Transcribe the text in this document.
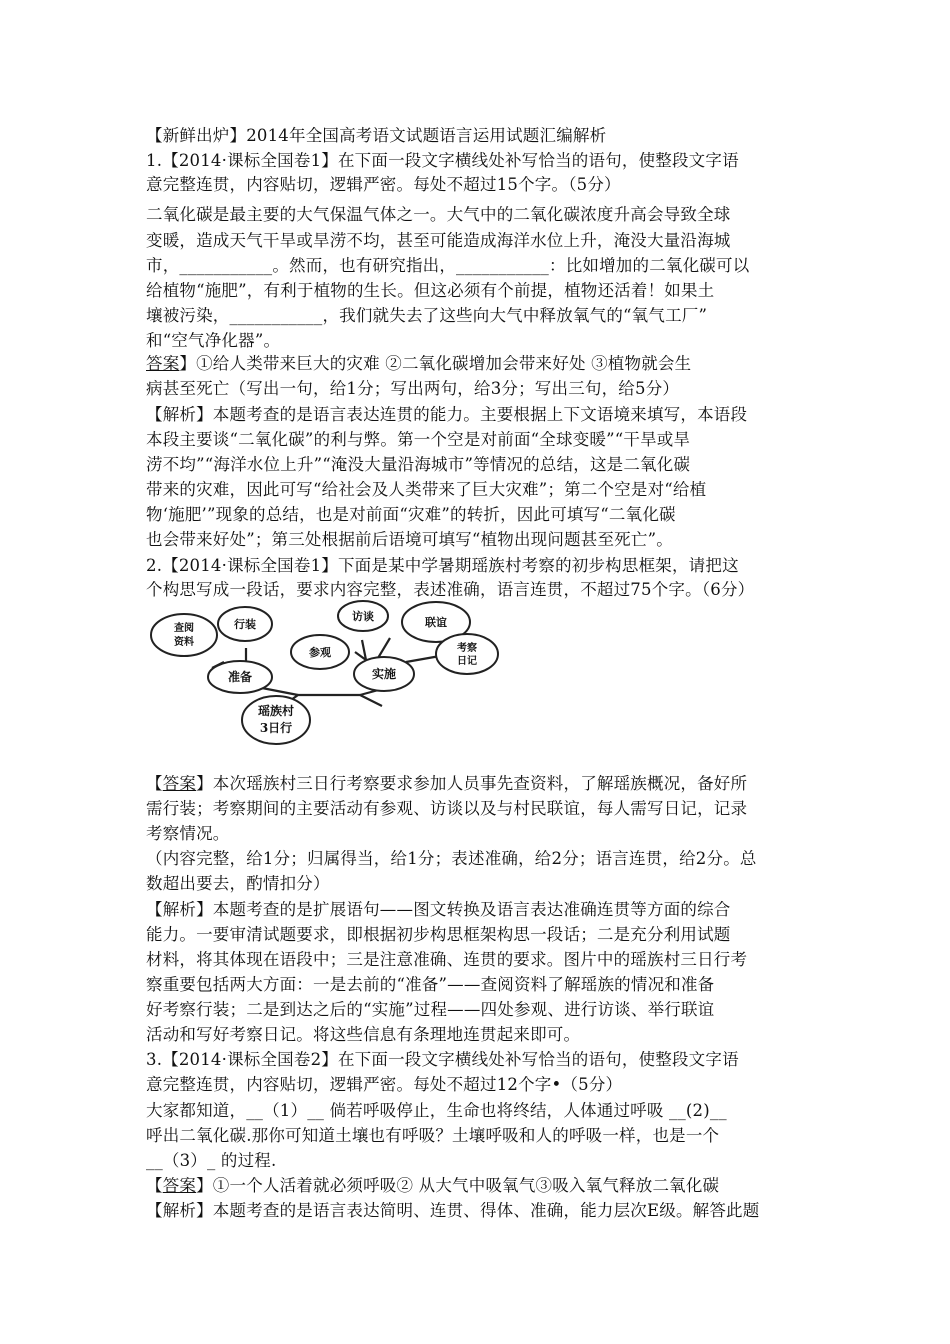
【新鲜出炉】2014年全国高考语文试题语言运用试题汇编解析
1.【2014·课标全国卷1】在下面一段文字横线处补写恰当的语句，使整段文字语
意完整连贯，内容贴切，逻辑严密。每处不超过15个字。（5分）
二氧化碳是最主要的大气保温气体之一。大气中的二氧化碳浓度升高会导致全球
变暖，造成天气干旱或旱涝不均，甚至可能造成海洋水位上升，淹没大量沿海城
市，___________。然而，也有研究指出，___________：比如增加的二氧化碳可以
给植物“施肥”，有利于植物的生长。但这必须有个前提，植物还活着！如果土
壤被污染，___________，我们就失去了这些向大气中释放氧气的“氧气工厂”
和“空气净化器”。
答案】①给人类带来巨大的灾难 ②二氧化碳增加会带来好处 ③植物就会生
病甚至死亡（写出一句，给1分；写出两句，给3分；写出三句，给5分）
【解析】本题考查的是语言表达连贯的能力。主要根据上下文语境来填写，本语段
本段主要谈“二氧化碳”的利与弊。第一个空是对前面“全球变暖”“干旱或旱
涝不均”“海洋水位上升”“淹没大量沿海城市”等情况的总结，这是二氧化碳
带来的灾难，因此可写“给社会及人类带来了巨大灾难”；第二个空是对“给植
物‘施肥’”现象的总结，也是对前面“灾难”的转折，因此可填写“二氧化碳
也会带来好处”；第三处根据前后语境可填写“植物出现问题甚至死亡”。
2.【2014·课标全国卷1】下面是某中学暑期瑶族村考察的初步构思框架，请把这
个构思写成一段话，要求内容完整，表述准确，语言连贯，不超过75个字。（6分）
瑶族村
3日行
准备
查阅
资料
行装
实施
参观
访谈	联谊
考察
日记
【答案】本次瑶族村三日行考察要求参加人员事先查资料，了解瑶族概况，备好所
需行装；考察期间的主要活动有参观、访谈以及与村民联谊，每人需写日记，记录
考察情况。
（内容完整，给1分；归属得当，给1分；表述准确，给2分；语言连贯，给2分。总
数超出要去，酌情扣分）
【解析】本题考查的是扩展语句——图文转换及语言表达准确连贯等方面的综合
能力。一要审清试题要求，即根据初步构思框架构思一段话；二是充分利用试题
材料，将其体现在语段中；三是注意准确、连贯的要求。图片中的瑶族村三日行考
察重要包括两大方面：一是去前的“准备”——查阅资料了解瑶族的情况和准备
好考察行装；二是到达之后的“实施”过程——四处参观、进行访谈、举行联谊
活动和写好考察日记。将这些信息有条理地连贯起来即可。
3.【2014·课标全国卷2】在下面一段文字横线处补写恰当的语句，使整段文字语
意完整连贯，内容贴切，逻辑严密。每处不超过12个字•（5分）
大家都知道，__（1）__ 倘若呼吸停止，生命也将终结，人体通过呼吸 __(2)__
呼出二氧化碳.那你可知道土壤也有呼吸？土壤呼吸和人的呼吸一样，也是一个
__（3）_ 的过程.
【答案】①一个人活着就必须呼吸② 从大气中吸氧气③吸入氧气释放二氧化碳
【解析】本题考查的是语言表达简明、连贯、得体、准确，能力层次E级。解答此题
